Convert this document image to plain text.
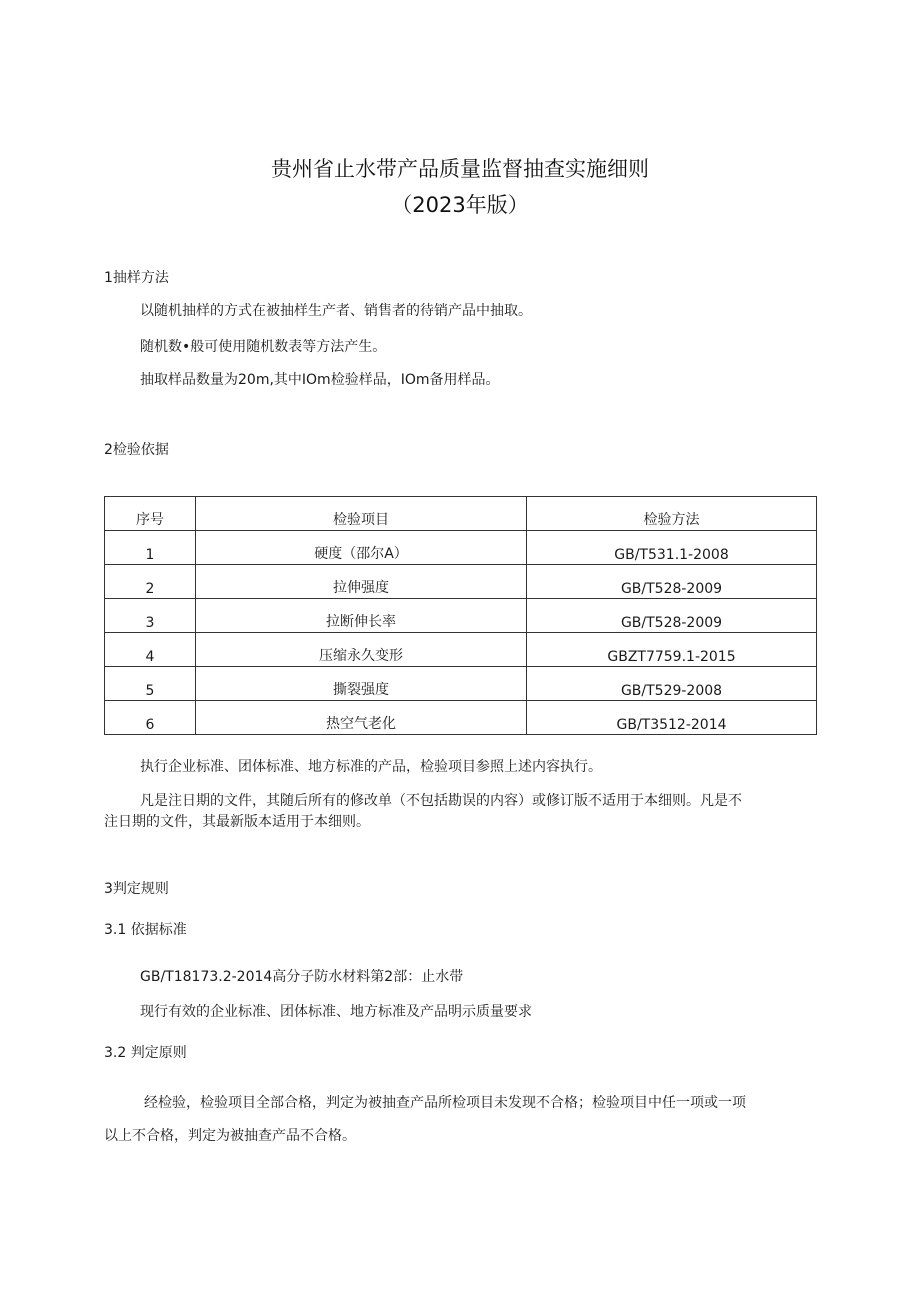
贵州省止水带产品质量监督抽查实施细则
（2023年版）
1抽样方法
以随机抽样的方式在被抽样生产者、销售者的待销产品中抽取。
随机数•般可使用随机数表等方法产生。
抽取样品数量为20m,其中IOm检验样品，IOm备用样品。
2检验依据
序号	检验项目	检验方法
1	硬度（邵尔A）	GB/T531.1-2008
2	拉伸强度	GB/T528-2009
3	拉断伸长率	GB/T528-2009
4	压缩永久变形	GBZT7759.1-2015
5	撕裂强度	GB/T529-2008
6	热空气老化	GB/T3512-2014
执行企业标准、团体标准、地方标准的产品，检验项目参照上述内容执行。
凡是注日期的文件，其随后所有的修改单（不包括勘误的内容）或修订版不适用于本细则。凡是不
注日期的文件，其最新版本适用于本细则。
3判定规则
3.1 依据标准
GB/T18173.2-2014高分子防水材料第2部：止水带
现行有效的企业标准、团体标准、地方标准及产品明示质量要求
3.2 判定原则
经检验，检验项目全部合格，判定为被抽查产品所检项目未发现不合格；检验项目中任一项或一项
以上不合格，判定为被抽查产品不合格。
